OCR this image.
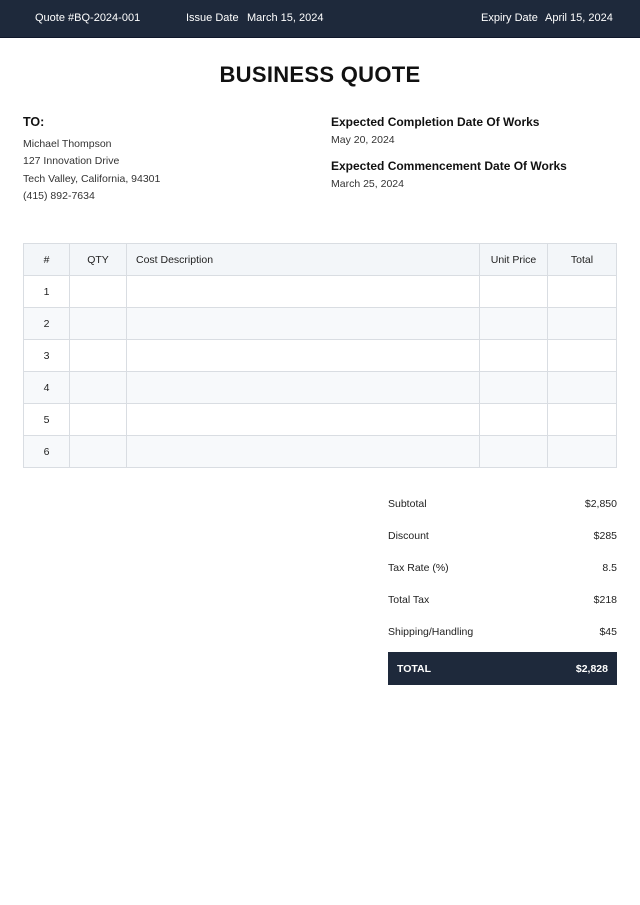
Quote #BQ-2024-001	Issue Date March 15, 2024	Expiry Date April 15, 2024
BUSINESS QUOTE
TO:
Michael Thompson
127 Innovation Drive
Tech Valley, California, 94301
(415) 892-7634
Expected Completion Date Of Works
May 20, 2024
Expected Commencement Date Of Works
March 25, 2024
#	QTY	Cost Description	Unit Price	Total
1				
2				
3				
4				
5				
6				
Subtotal	$2,850
Discount	$285
Tax Rate (%)	8.5
Total Tax	$218
Shipping/Handling	$45
TOTAL	$2,828
